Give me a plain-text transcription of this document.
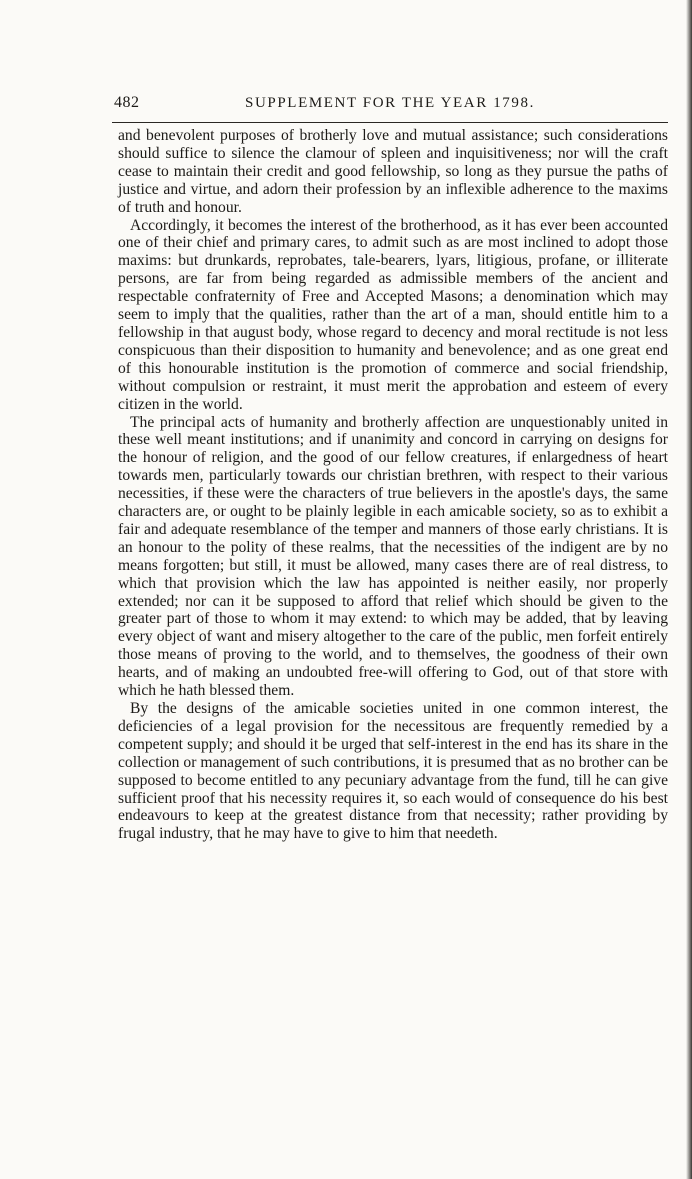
482	SUPPLEMENT FOR THE YEAR 1798.

and benevolent purposes of brotherly love and mutual assistance; such considerations should suffice to silence the clamour of spleen and inquisitiveness; nor will the craft cease to maintain their credit and good fellowship, so long as they pursue the paths of justice and virtue, and adorn their profession by an inflexible adherence to the maxims of truth and honour.

Accordingly, it becomes the interest of the brotherhood, as it has ever been accounted one of their chief and primary cares, to admit such as are most inclined to adopt those maxims: but drunkards, reprobates, tale-bearers, lyars, litigious, profane, or illiterate persons, are far from being regarded as admissible members of the ancient and respectable confraternity of Free and Accepted Masons; a denomination which may seem to imply that the qualities, rather than the art of a man, should entitle him to a fellowship in that august body, whose regard to decency and moral rectitude is not less conspicuous than their disposition to humanity and benevolence; and as one great end of this honourable institution is the promotion of commerce and social friendship, without compulsion or restraint, it must merit the approbation and esteem of every citizen in the world.

The principal acts of humanity and brotherly affection are unquestionably united in these well meant institutions; and if unanimity and concord in carrying on designs for the honour of religion, and the good of our fellow creatures, if enlargedness of heart towards men, particularly towards our christian brethren, with respect to their various necessities, if these were the characters of true believers in the apostle's days, the same characters are, or ought to be plainly legible in each amicable society, so as to exhibit a fair and adequate resemblance of the temper and manners of those early christians. It is an honour to the polity of these realms, that the necessities of the indigent are by no means forgotten; but still, it must be allowed, many cases there are of real distress, to which that provision which the law has appointed is neither easily, nor properly extended; nor can it be supposed to afford that relief which should be given to the greater part of those to whom it may extend: to which may be added, that by leaving every object of want and misery altogether to the care of the public, men forfeit entirely those means of proving to the world, and to themselves, the goodness of their own hearts, and of making an undoubted free-will offering to God, out of that store with which he hath blessed them.

By the designs of the amicable societies united in one common interest, the deficiencies of a legal provision for the necessitous are frequently remedied by a competent supply; and should it be urged that self-interest in the end has its share in the collection or management of such contributions, it is presumed that as no brother can be supposed to become entitled to any pecuniary advantage from the fund, till he can give sufficient proof that his necessity requires it, so each would of consequence do his best endeavours to keep at the greatest distance from that necessity; rather providing by frugal industry, that he may have to give to him that needeth.
